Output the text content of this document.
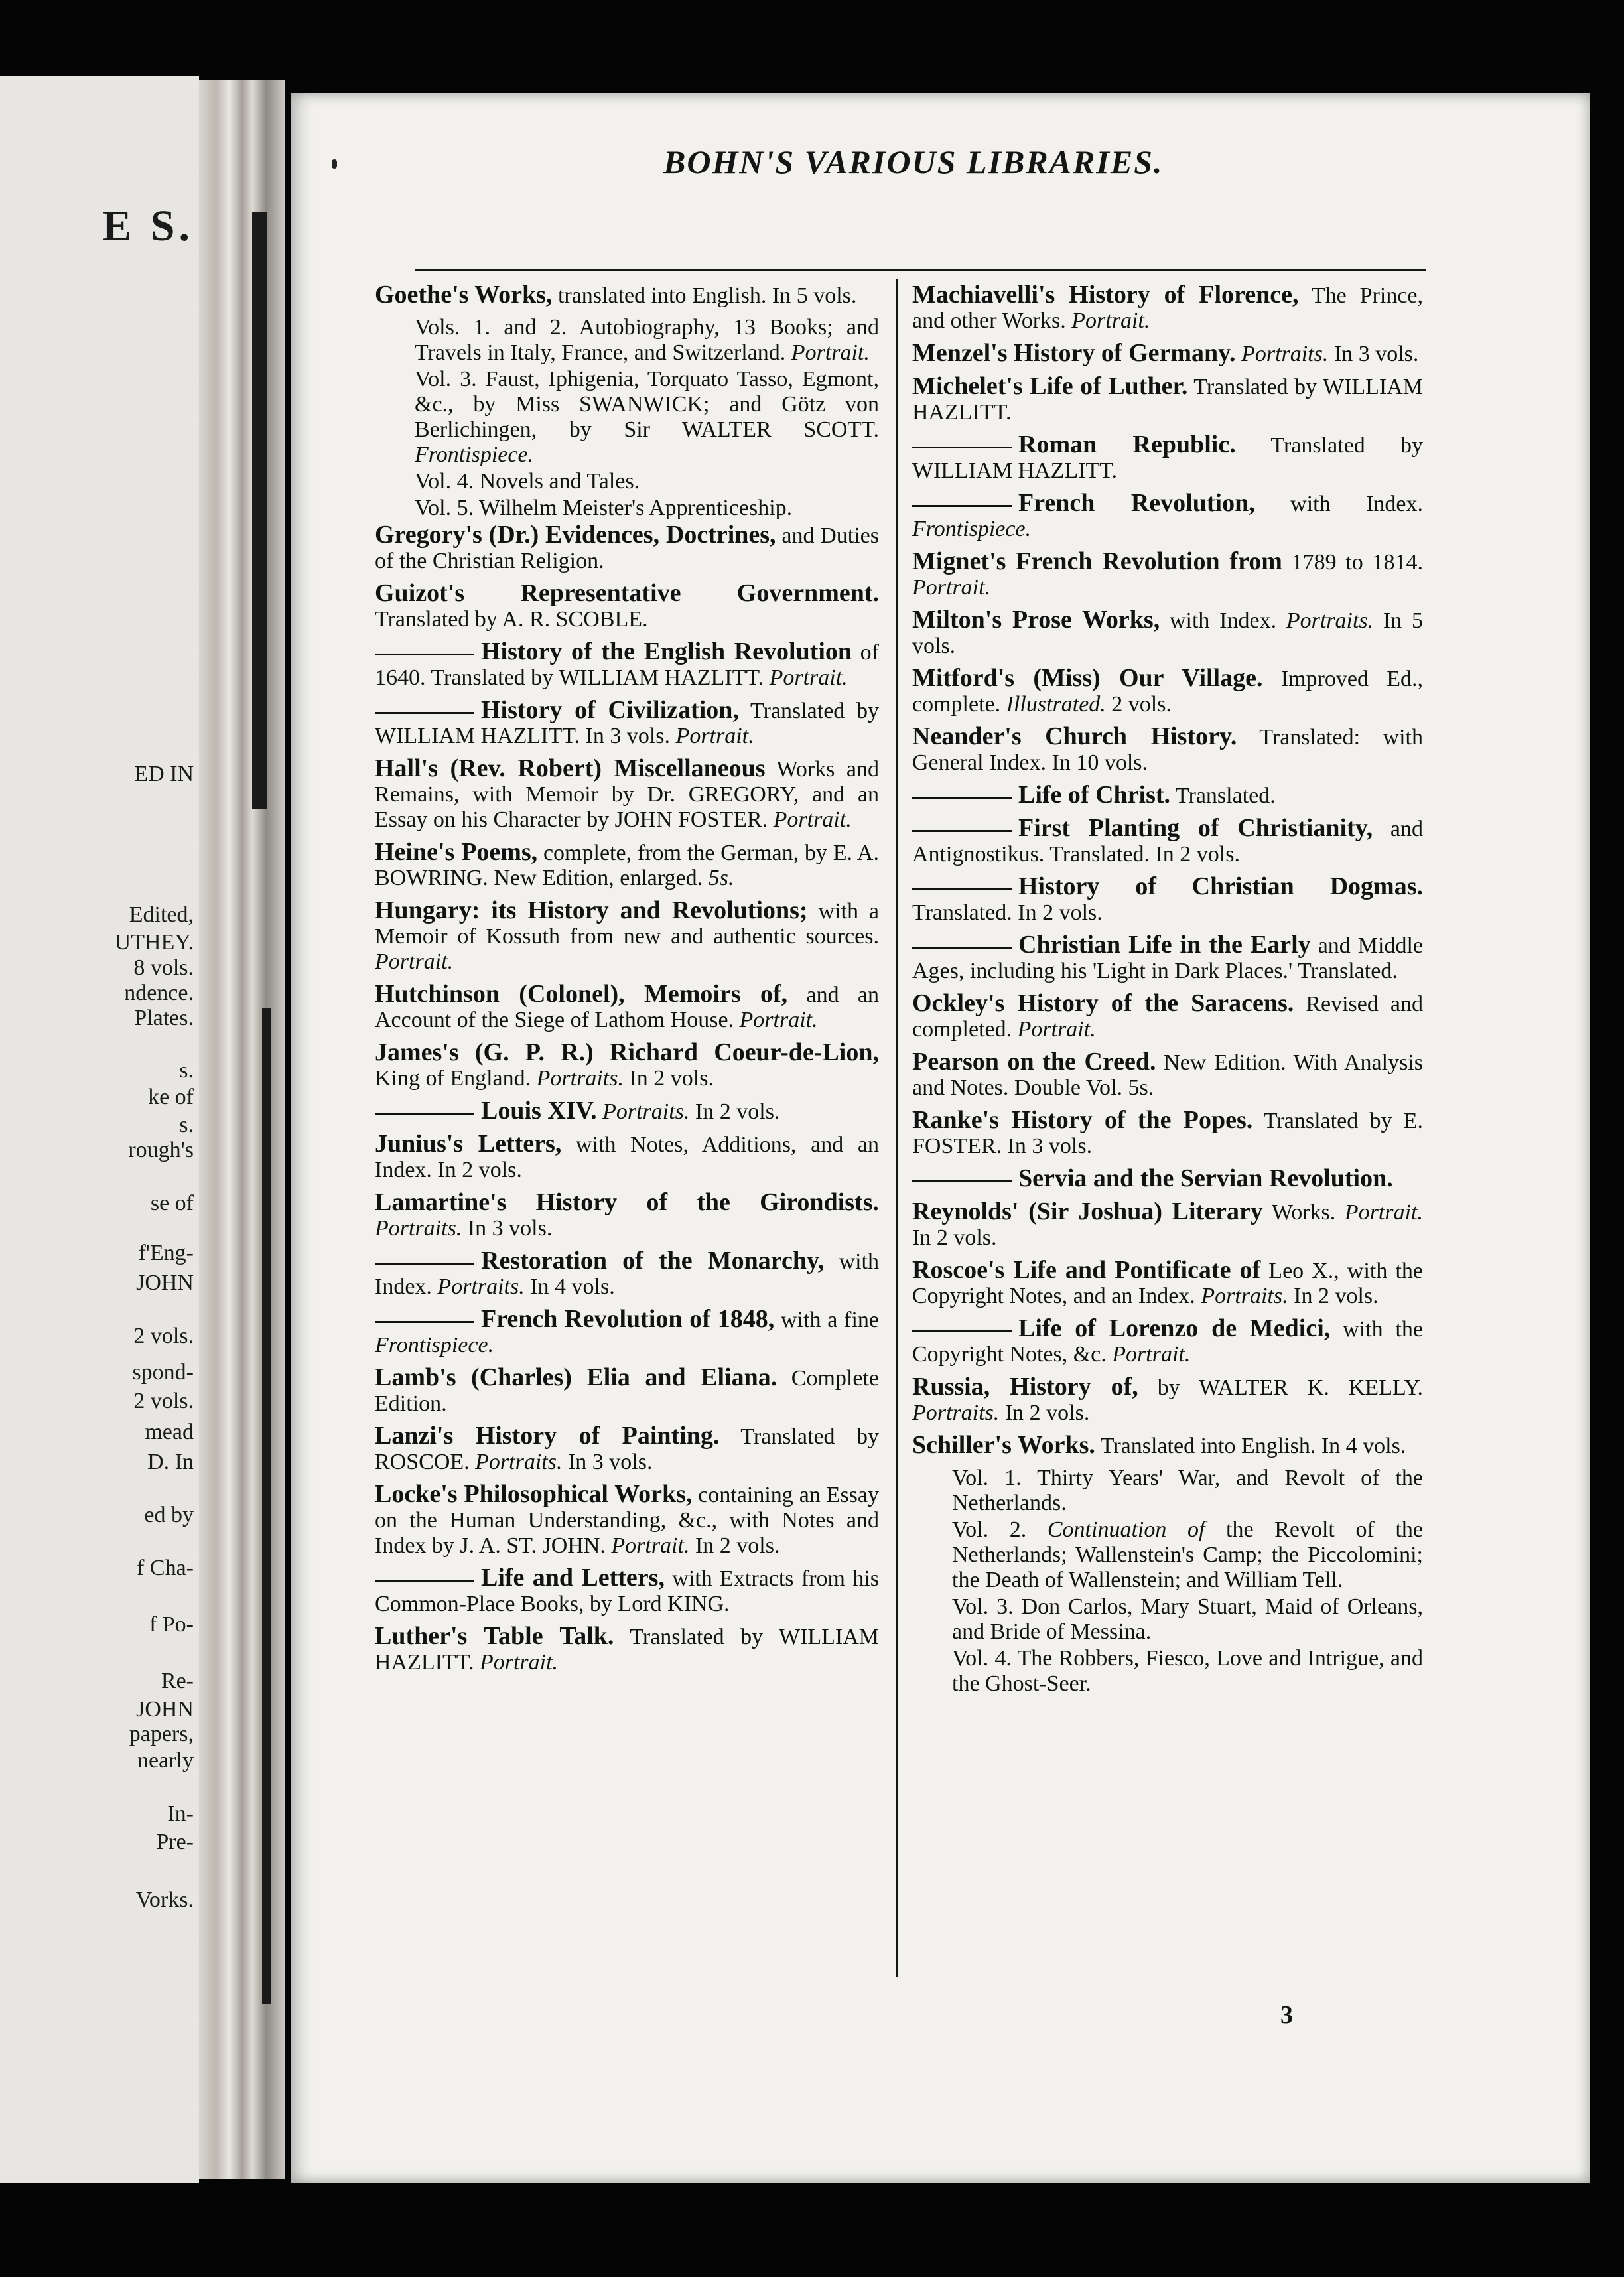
E S.
ED IN
Edited,
UTHEY.
8 vols.
ndence.
Plates.
s.
ke of
s.
rough's
se of
f'Eng-
JOHN
2 vols.
spond-
2 vols.
mead
D. In
ed by
f Cha-
f Po-
Re-
JOHN
papers,
nearly
In-
Pre-
Vorks.
BOHN'S VARIOUS LIBRARIES.
Goethe's Works, translated into English. In 5 vols.
Vols. 1. and 2. Autobiography, 13 Books; and Travels in Italy, France, and Switzerland. Portrait.
Vol. 3. Faust, Iphigenia, Torquato Tasso, Egmont, &c., by Miss SWANWICK; and Götz von Berlichingen, by Sir WALTER SCOTT. Frontispiece.
Vol. 4. Novels and Tales.
Vol. 5. Wilhelm Meister's Apprenticeship.
Gregory's (Dr.) Evidences, Doctrines, and Duties of the Christian Religion.
Guizot's Representative Government. Translated by A. R. SCOBLE.
History of the English Revolution of 1640. Translated by WILLIAM HAZLITT. Portrait.
History of Civilization, Translated by WILLIAM HAZLITT. In 3 vols. Portrait.
Hall's (Rev. Robert) Miscellaneous Works and Remains, with Memoir by Dr. GREGORY, and an Essay on his Character by JOHN FOSTER. Portrait.
Heine's Poems, complete, from the German, by E. A. BOWRING. New Edition, enlarged. 5s.
Hungary: its History and Revolutions; with a Memoir of Kossuth from new and authentic sources. Portrait.
Hutchinson (Colonel), Memoirs of, and an Account of the Siege of Lathom House. Portrait.
James's (G. P. R.) Richard Coeur-de-Lion, King of England. Portraits. In 2 vols.
Louis XIV. Portraits. In 2 vols.
Junius's Letters, with Notes, Additions, and an Index. In 2 vols.
Lamartine's History of the Girondists. Portraits. In 3 vols.
Restoration of the Monarchy, with Index. Portraits. In 4 vols.
French Revolution of 1848, with a fine Frontispiece.
Lamb's (Charles) Elia and Eliana. Complete Edition.
Lanzi's History of Painting. Translated by ROSCOE. Portraits. In 3 vols.
Locke's Philosophical Works, containing an Essay on the Human Understanding, &c., with Notes and Index by J. A. ST. JOHN. Portrait. In 2 vols.
Life and Letters, with Extracts from his Common-Place Books, by Lord KING.
Luther's Table Talk. Translated by WILLIAM HAZLITT. Portrait.
Machiavelli's History of Florence, The Prince, and other Works. Portrait.
Menzel's History of Germany. Portraits. In 3 vols.
Michelet's Life of Luther. Translated by WILLIAM HAZLITT.
Roman Republic. Translated by WILLIAM HAZLITT.
French Revolution, with Index. Frontispiece.
Mignet's French Revolution from 1789 to 1814. Portrait.
Milton's Prose Works, with Index. Portraits. In 5 vols.
Mitford's (Miss) Our Village. Improved Ed., complete. Illustrated. 2 vols.
Neander's Church History. Translated: with General Index. In 10 vols.
Life of Christ. Translated.
First Planting of Christianity, and Antignostikus. Translated. In 2 vols.
History of Christian Dogmas. Translated. In 2 vols.
Christian Life in the Early and Middle Ages, including his 'Light in Dark Places.' Translated.
Ockley's History of the Saracens. Revised and completed. Portrait.
Pearson on the Creed. New Edition. With Analysis and Notes. Double Vol. 5s.
Ranke's History of the Popes. Translated by E. FOSTER. In 3 vols.
Servia and the Servian Revolution.
Reynolds' (Sir Joshua) Literary Works. Portrait. In 2 vols.
Roscoe's Life and Pontificate of Leo X., with the Copyright Notes, and an Index. Portraits. In 2 vols.
Life of Lorenzo de Medici, with the Copyright Notes, &c. Portrait.
Russia, History of, by WALTER K. KELLY. Portraits. In 2 vols.
Schiller's Works. Translated into English. In 4 vols.
Vol. 1. Thirty Years' War, and Revolt of the Netherlands.
Vol. 2. Continuation of the Revolt of the Netherlands; Wallenstein's Camp; the Piccolomini; the Death of Wallenstein; and William Tell.
Vol. 3. Don Carlos, Mary Stuart, Maid of Orleans, and Bride of Messina.
Vol. 4. The Robbers, Fiesco, Love and Intrigue, and the Ghost-Seer.
3
